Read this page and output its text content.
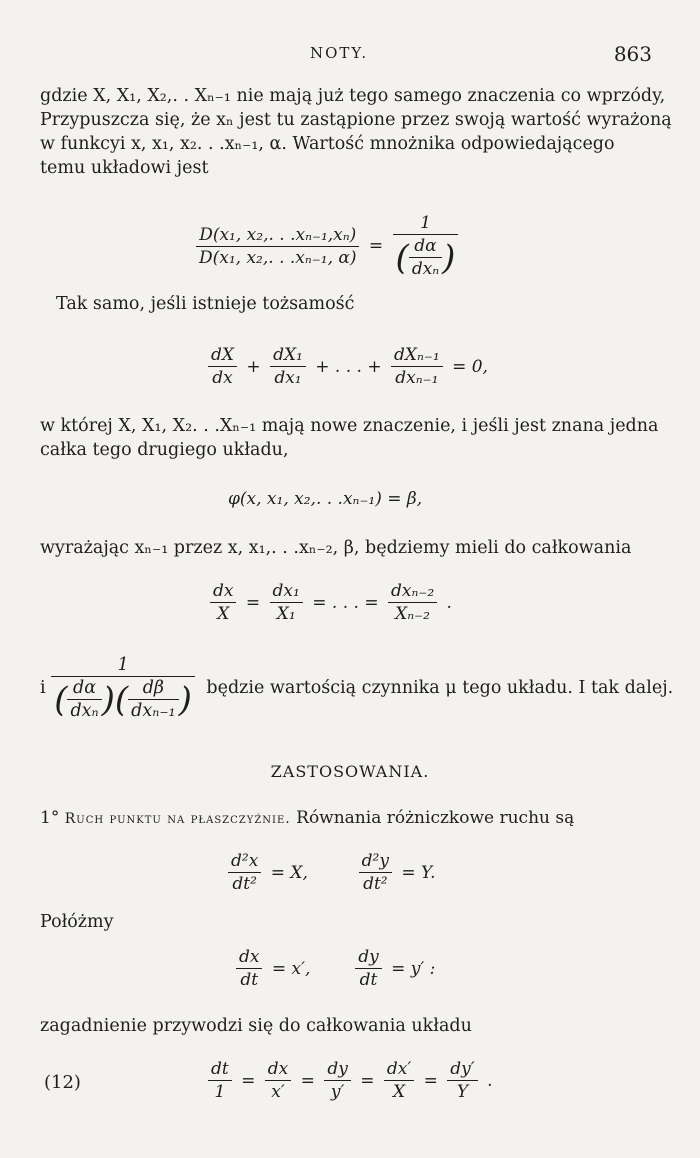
NOTY.	863
gdzie X, X₁, X₂,. . Xₙ₋₁ nie mają już tego samego znaczenia co wprzódy,
Przypuszcza się, że xₙ jest tu zastąpione przez swoją wartość wyrażoną
w funkcyi x, x₁, x₂. . .xₙ₋₁, α. Wartość mnożnika odpowiedającego
temu układowi jest
$\frac{\text{D(x₁, x₂,. . .xₙ₋₁,xₙ)}}{\text{D(x₁, x₂,. . .xₙ₋₁, α)}} = \frac{1}{( \frac{d\alpha}{\text{dxₙ}} )}$
Tak samo, jeśli istnieje tożsamość
$\frac{dX}{dx} + \frac{\text{dX₁}}{\text{dx₁}}$ + . . . + $\frac{\text{dXₙ₋₁}}{\text{dxₙ₋₁}} = 0$,
w której X, X₁, X₂. . .Xₙ₋₁ mają nowe znaczenie, i jeśli jest znana jedna
całka tego drugiego układu,
φ(x, x₁, x₂,. . .xₙ₋₁) = β,
wyrażając xₙ₋₁ przez x, x₁,. . .xₙ₋₂, β, będziemy mieli do całkowania
$\frac{dx}{X} = \frac{\text{dx₁}}{\text{X₁}}$ = . . . = $\frac{\text{dxₙ₋₂}}{\text{Xₙ₋₂}}$ .
i $\frac{1}{( \frac{d\alpha}{\text{dxₙ}} )( \frac{d\beta}{\text{dxₙ₋₁}} )}$ będzie wartością czynnika μ tego układu. I tak dalej.
ZASTOSOWANIA.
1° Ruch punktu na płaszczyźnie. Równania różniczkowe ruchu są
$\frac{\text{d²x}}{\text{dt²}} = X$,	$\frac{\text{d²y}}{\text{dt²}} = Y$.
Połóżmy
$\frac{dx}{dt} = x'$,	$\frac{dy}{dt} = y'$ :
zagadnienie przywodzi się do całkowania układu
(12)	$\frac{dt}{1} = \frac{dx}{x'} = \frac{dy}{y'} = \frac{dx'}{X} = \frac{dy'}{Y}$ .
